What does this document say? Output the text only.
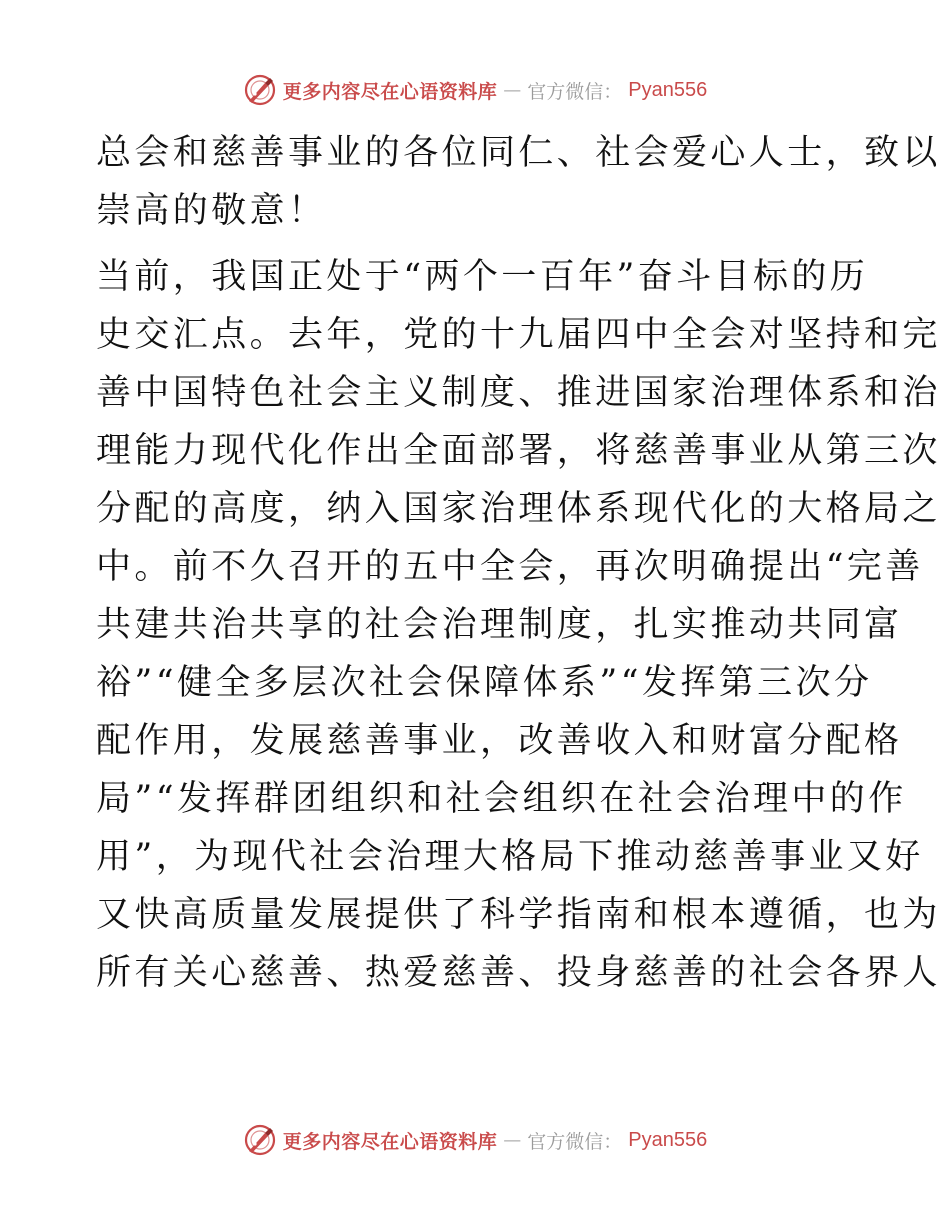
更多内容尽在心语资料库 — 官方微信： Pyan556
总会和慈善事业的各位同仁、社会爱心人士，致以
崇高的敬意！
当前，我国正处于“两个一百年”奋斗目标的历
史交汇点。去年，党的十九届四中全会对坚持和完
善中国特色社会主义制度、推进国家治理体系和治
理能力现代化作出全面部署，将慈善事业从第三次
分配的高度，纳入国家治理体系现代化的大格局之
中。前不久召开的五中全会，再次明确提出“完善
共建共治共享的社会治理制度，扎实推动共同富
裕”“健全多层次社会保障体系”“发挥第三次分
配作用，发展慈善事业，改善收入和财富分配格
局”“发挥群团组织和社会组织在社会治理中的作
用”，为现代社会治理大格局下推动慈善事业又好
又快高质量发展提供了科学指南和根本遵循，也为
所有关心慈善、热爱慈善、投身慈善的社会各界人
更多内容尽在心语资料库 — 官方微信： Pyan556
